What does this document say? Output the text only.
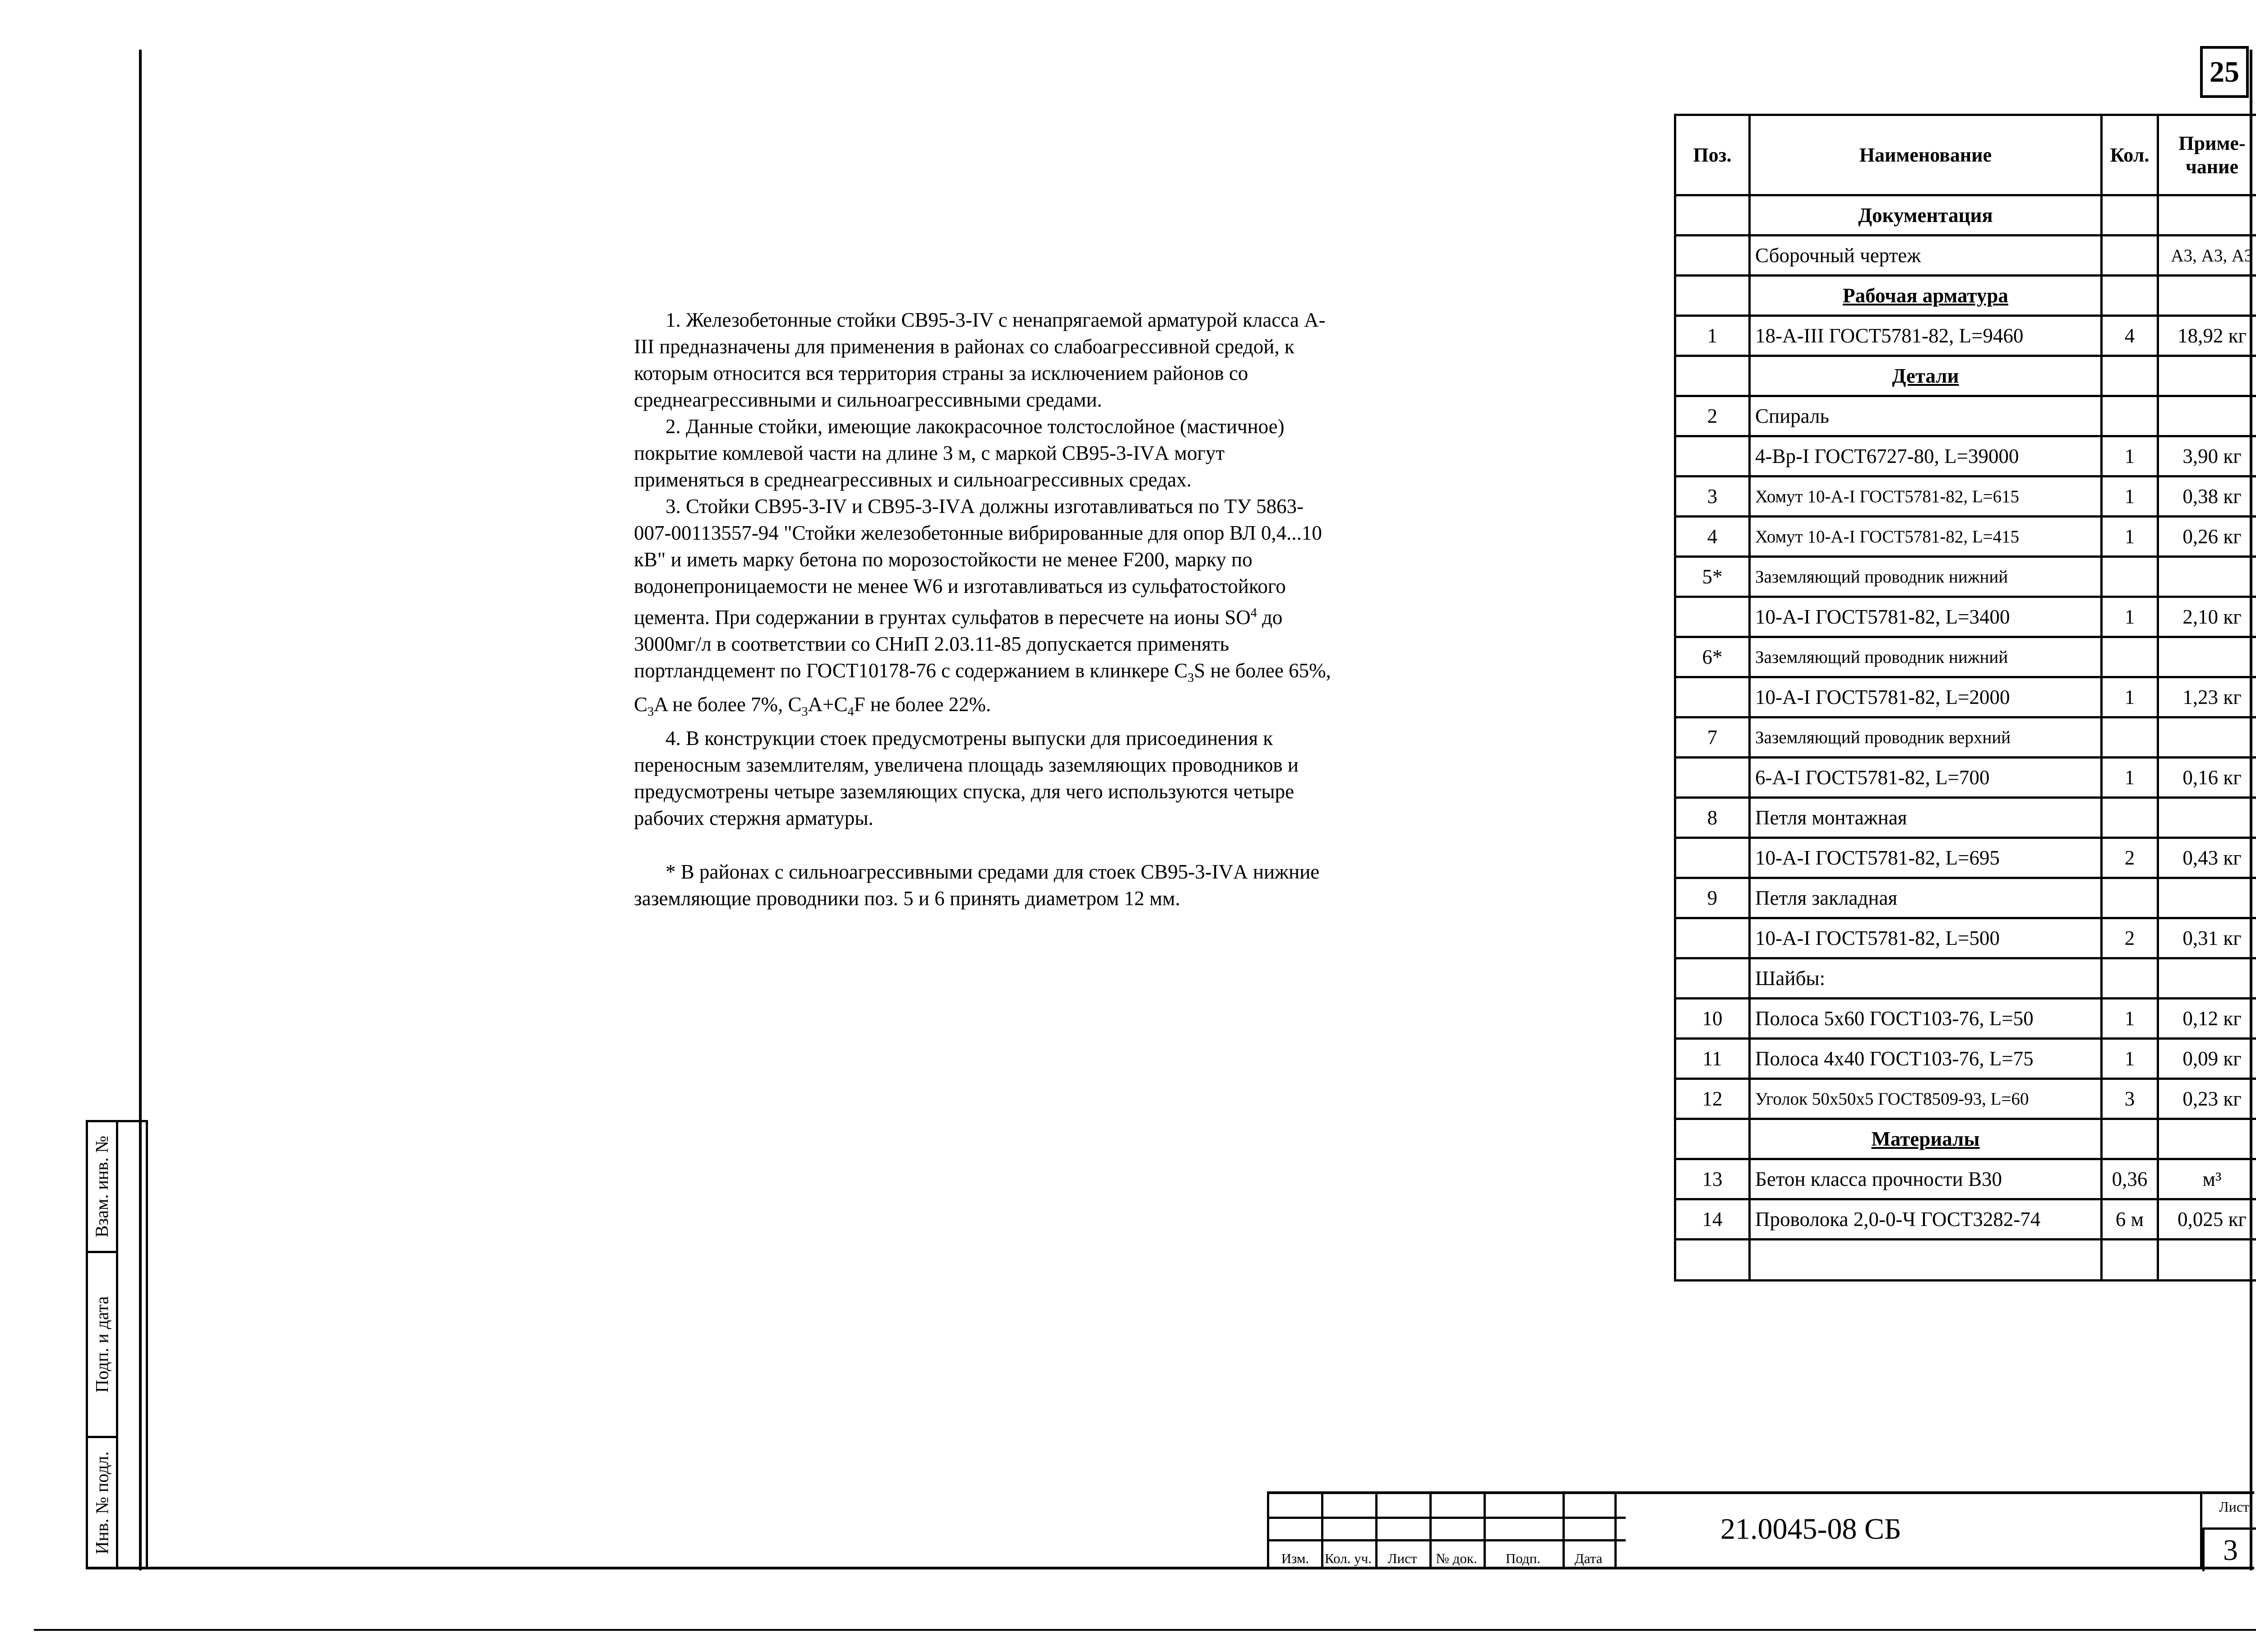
25

1. Железобетонные стойки СВ95-3-IV с ненапрягаемой арматурой класса А-III предназначены для применения в районах со слабоагрессивной средой, к которым относится вся территория страны за исключением районов со среднеагрессивными и сильноагрессивными средами.

2. Данные стойки, имеющие лакокрасочное толстослойное (мастичное) покрытие комлевой части на длине 3 м, с маркой СВ95-3-IVА могут применяться в среднеагрессивных и сильноагрессивных средах.

3. Стойки СВ95-3-IV и СВ95-3-IVА должны изготавливаться по ТУ 5863-007-00113557-94 "Стойки железобетонные вибрированные для опор ВЛ 0,4...10 кВ" и иметь марку бетона по морозостойкости не менее F200, марку по водонепроницаемости не менее W6 и изготавливаться из сульфатостойкого цемента. При содержании в грунтах сульфатов в пересчете на ионы $SO^4$ до 3000мг/л в соответствии со СНиП 2.03.11-85 допускается применять портландцемент по ГОСТ10178-76 с содержанием в клинкере $C_3S$ не более 65%, $C_3A$ не более 7%, $C_3A+C_4F$ не более 22%.

4. В конструкции стоек предусмотрены выпуски для присоединения к переносным заземлителям, увеличена площадь заземляющих проводников и предусмотрены четыре заземляющих спуска, для чего используются четыре рабочих стержня арматуры.

* В районах с сильноагрессивными средами для стоек СВ95-3-IVА нижние заземляющие проводники поз. 5 и 6 принять диаметром 12 мм.

Поз.	Наименование	Кол.	Приме-чание
	Документация		
	Сборочный чертеж		А3, А3, А3
	Рабочая арматура		
1	18-А-III ГОСТ5781-82, L=9460	4	18,92 кг
	Детали		
2	Спираль		
	4-Вр-I ГОСТ6727-80, L=39000	1	3,90 кг
3	Хомут 10-А-I ГОСТ5781-82, L=615	1	0,38 кг
4	Хомут 10-А-I ГОСТ5781-82, L=415	1	0,26 кг
5*	Заземляющий проводник нижний		
	10-А-I ГОСТ5781-82, L=3400	1	2,10 кг
6*	Заземляющий проводник нижний		
	10-А-I ГОСТ5781-82, L=2000	1	1,23 кг
7	Заземляющий проводник верхний		
	6-А-I ГОСТ5781-82, L=700	1	0,16 кг
8	Петля монтажная		
	10-А-I ГОСТ5781-82, L=695	2	0,43 кг
9	Петля закладная		
	10-А-I ГОСТ5781-82, L=500	2	0,31 кг
	Шайбы:		
10	Полоса 5х60 ГОСТ103-76, L=50	1	0,12 кг
11	Полоса 4х40 ГОСТ103-76, L=75	1	0,09 кг
12	Уголок 50х50х5 ГОСТ8509-93, L=60	3	0,23 кг
	Материалы		
13	Бетон класса прочности В30	0,36	м³
14	Проволока 2,0-0-Ч ГОСТ3282-74	6 м	0,025 кг

Взам. инв. №
Подп. и дата
Инв. № подл.
Изм.	Кол. уч.	Лист	№ док.	Подп.	Дата
21.0045-08 СБ
Лист
3
